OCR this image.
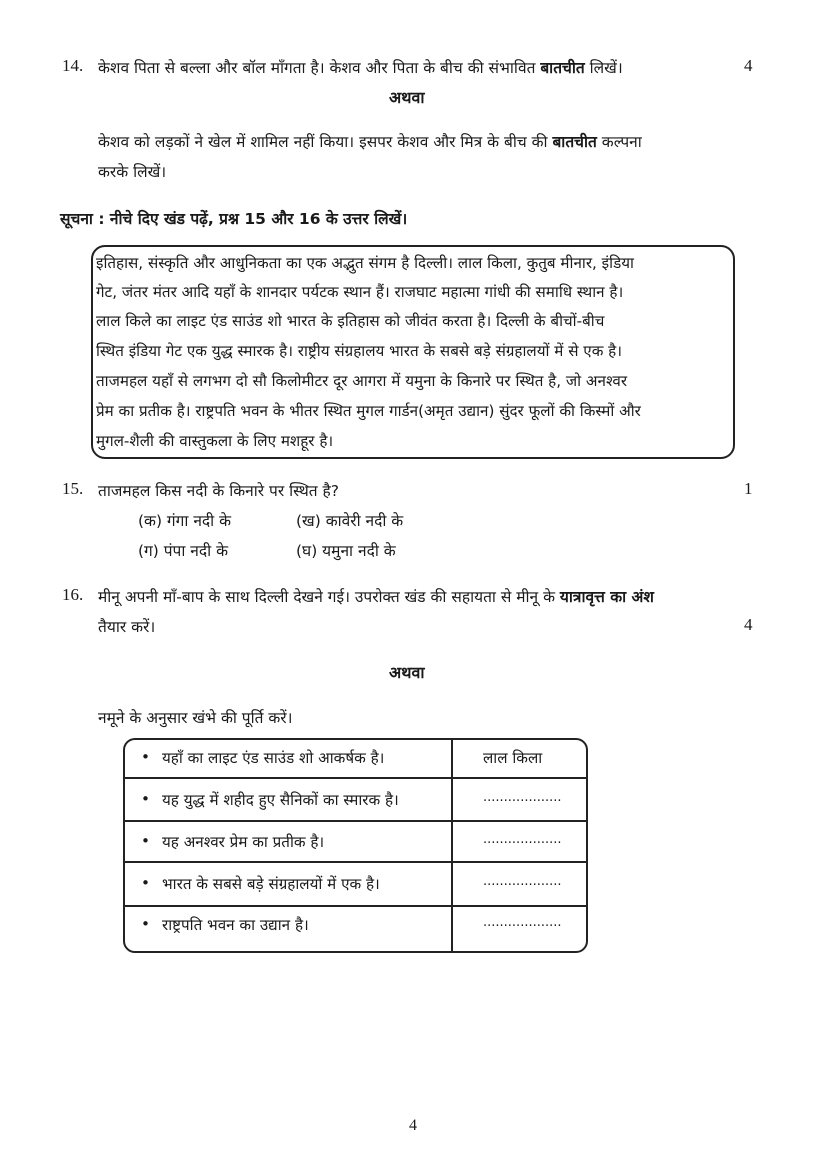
14. केशव पिता से बल्ला और बॉल माँगता है। केशव और पिता के बीच की संभावित बातचीत लिखें।	4
अथवा
केशव को लड़कों ने खेल में शामिल नहीं किया। इसपर केशव और मित्र के बीच की बातचीत कल्पना
करके लिखें।
सूचना : नीचे दिए खंड पढ़ें, प्रश्न 15 और 16 के उत्तर लिखें।
इतिहास, संस्कृति और आधुनिकता का एक अद्भुत संगम है दिल्ली। लाल किला, कुतुब मीनार, इंडिया
गेट, जंतर मंतर आदि यहाँ के शानदार पर्यटक स्थान हैं। राजघाट महात्मा गांधी की समाधि स्थान है।
लाल किले का लाइट एंड साउंड शो भारत के इतिहास को जीवंत करता है। दिल्ली के बीचों-बीच
स्थित इंडिया गेट एक युद्ध स्मारक है। राष्ट्रीय संग्रहालय भारत के सबसे बड़े संग्रहालयों में से एक है।
ताजमहल यहाँ से लगभग दो सौ किलोमीटर दूर आगरा में यमुना के किनारे पर स्थित है, जो अनश्वर
प्रेम का प्रतीक है। राष्ट्रपति भवन के भीतर स्थित मुगल गार्डन(अमृत उद्यान) सुंदर फूलों की किस्मों और
मुगल-शैली की वास्तुकला के लिए मशहूर है।
15. ताजमहल किस नदी के किनारे पर स्थित है?	1
(क) गंगा नदी के	(ख) कावेरी नदी के
(ग) पंपा नदी के	(घ) यमुना नदी के
16. मीनू अपनी माँ-बाप के साथ दिल्ली देखने गई। उपरोक्त खंड की सहायता से मीनू के यात्रावृत्त का अंश
तैयार करें।	4
अथवा
नमूने के अनुसार खंभे की पूर्ति करें।
• यहाँ का लाइट एंड साउंड शो आकर्षक है।	लाल किला
• यह युद्ध में शहीद हुए सैनिकों का स्मारक है।	...................
• यह अनश्वर प्रेम का प्रतीक है।	...................
• भारत के सबसे बड़े संग्रहालयों में एक है।	...................
• राष्ट्रपति भवन का उद्यान है।	...................
4
